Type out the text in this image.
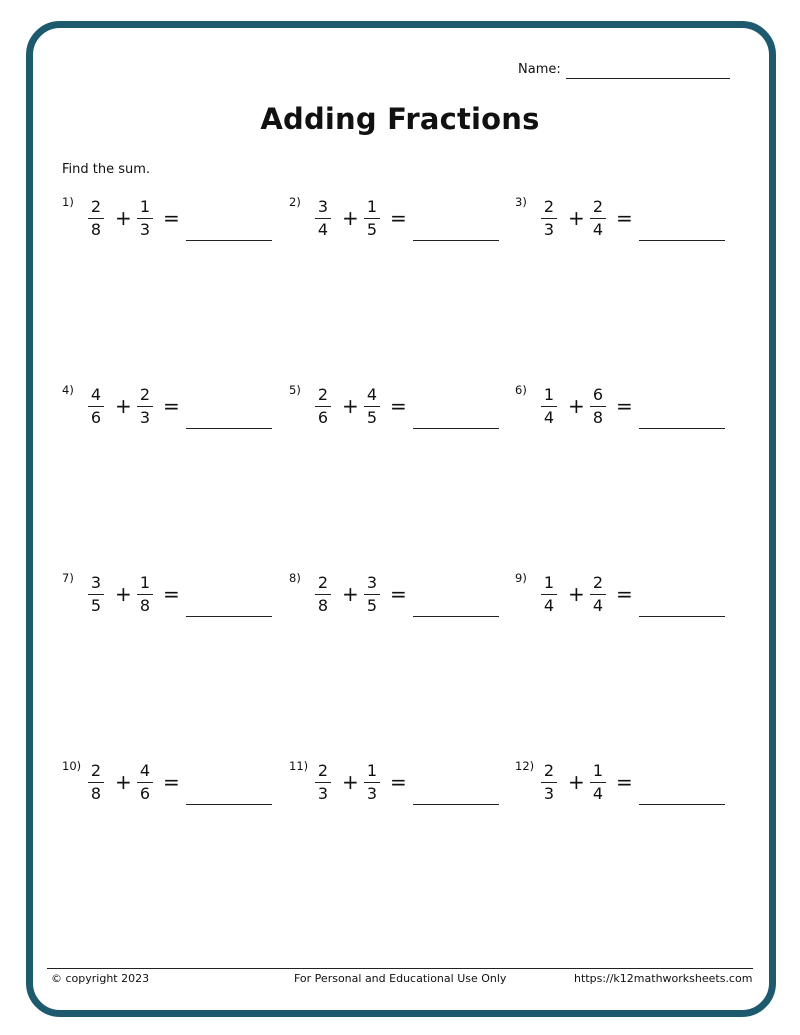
Name:
Adding Fractions
Find the sum.
1) 2
8 + 1
3 =
2) 3
4 + 1
5 =
3) 2
3 + 2
4 =
4) 4
6 + 2
3 =
5) 2
6 + 4
5 =
6) 1
4 + 6
8 =
7) 3
5 + 1
8 =
8) 2
8 + 3
5 =
9) 1
4 + 2
4 =
10) 2
8 + 4
6 =
11) 2
3 + 1
3 =
12) 2
3 + 1
4 =
© copyright 2023	For Personal and Educational Use Only	https://k12mathworksheets.com
